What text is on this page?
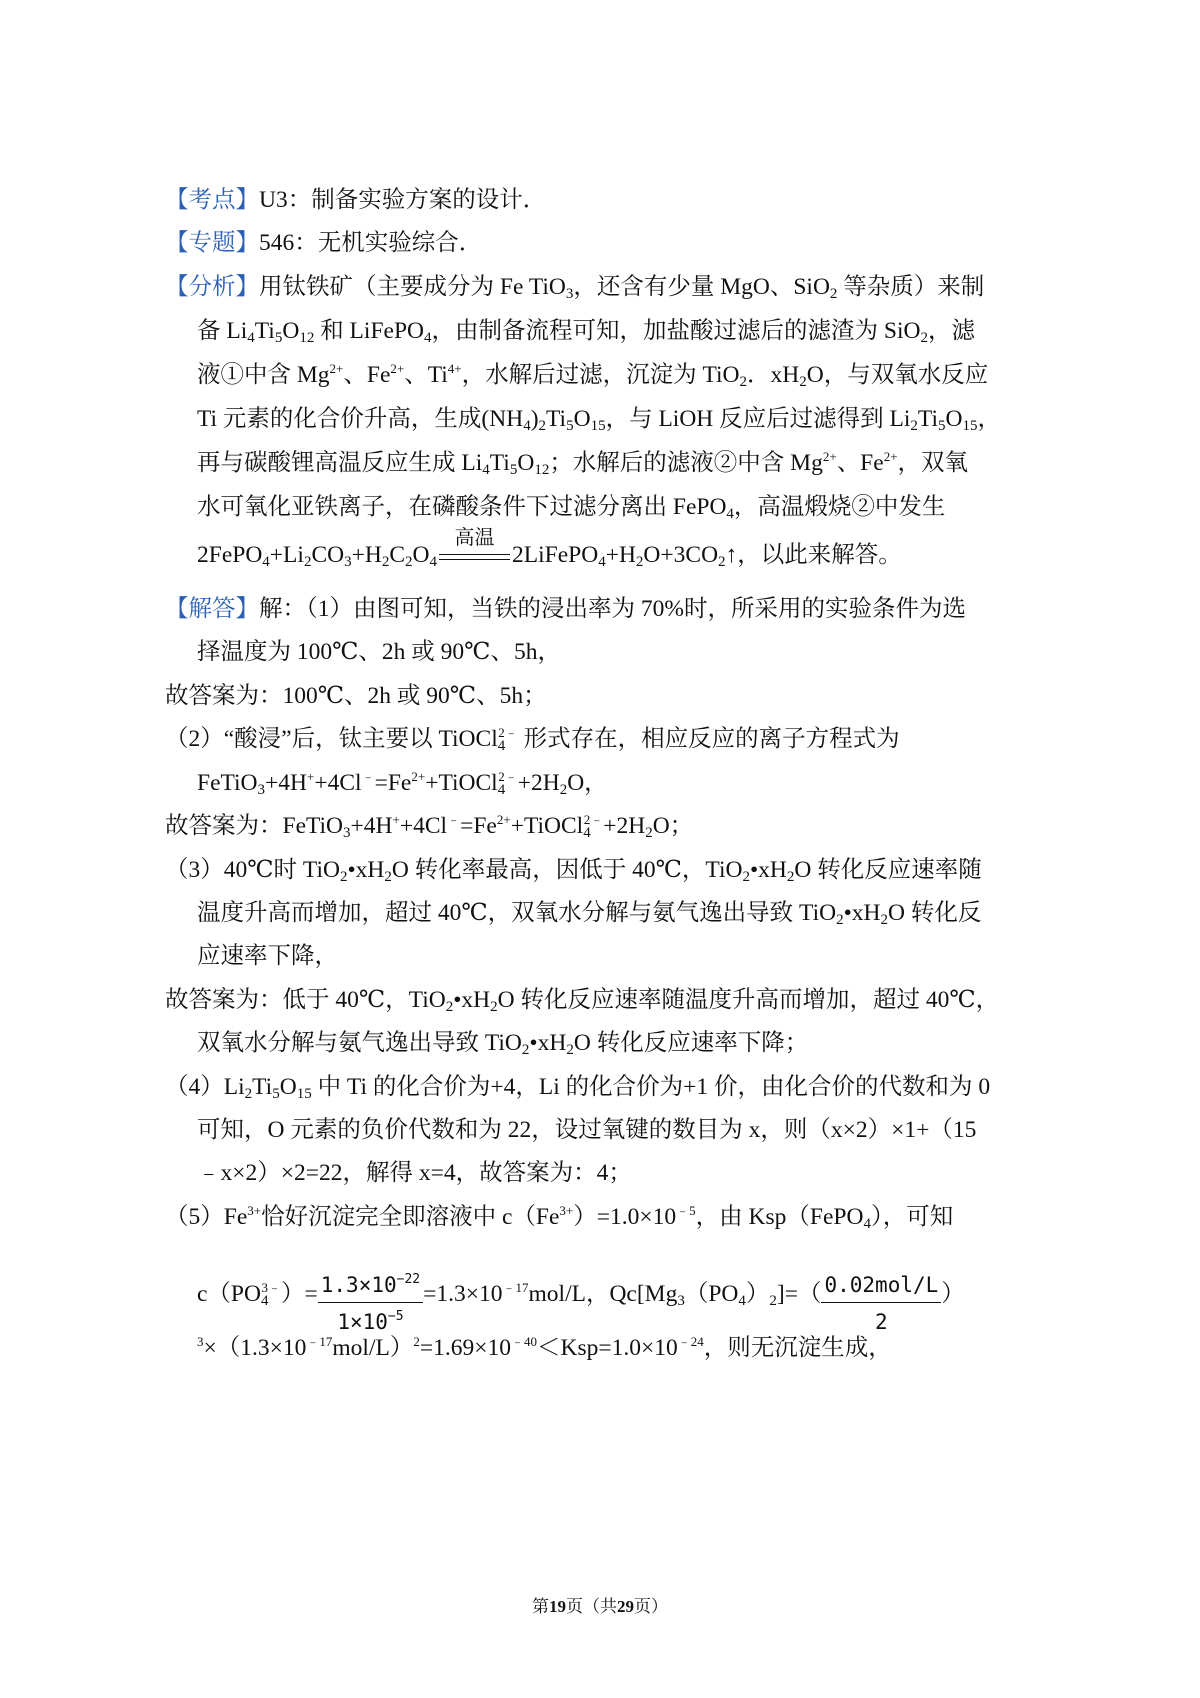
【考点】U3：制备实验方案的设计．
【专题】546：无机实验综合．
【分析】用钛铁矿（主要成分为 Fe TiO$_3$，还含有少量 MgO、SiO$_2$ 等杂质）来制
备 $Li_4Ti_5O_{12}$ 和 LiFePO$_4$，由制备流程可知，加盐酸过滤后的滤渣为 SiO$_2$，滤
液①中含 $Mg^{2+}$、$Fe^{2+}$、$Ti^{4+}$，水解后过滤，沉淀为 TiO$_2$．$xH_2O$，与双氧水反应
Ti 元素的化合价升高，生成$(NH_4)_2Ti_5O_{15}$，与 LiOH 反应后过滤得到 $Li_2Ti_5O_{15}$，
再与碳酸锂高温反应生成 $Li_4Ti_5O_{12}$；水解后的滤液②中含 $Mg^{2+}$、$Fe^{2+}$，双氧
水可氧化亚铁离子，在磷酸条件下过滤分离出 FePO$_4$，高温煅烧②中发生
$2FePO_4+Li_2CO_3+H_2C_2O_4$
高温
$2LiFePO_4+H_2O+3CO_2↑$，以此来解答。
【解答】解：（1）由图可知，当铁的浸出率为 70%时，所采用的实验条件为选
择温度为 100℃、2h 或 90℃、5h，
故答案为：100℃、2h 或 90℃、5h；
（2）“酸浸”后，钛主要以 TiOCl$_4^{2﹣}$ 形式存在，相应反应的离子方程式为
$FeTiO_3+4H^++4Cl^﹣=Fe^{2+}+TiOCl_4^{2﹣}+2H_2O$，
故答案为：$FeTiO_3+4H^++4Cl^﹣=Fe^{2+}+TiOCl_4^{2﹣}+2H_2O$；
（3）40℃时 $TiO_2•xH_2O$ 转化率最高，因低于 40℃，$TiO_2•xH_2O$ 转化反应速率随
温度升高而增加，超过 40℃，双氧水分解与氨气逸出导致 $TiO_2•xH_2O$ 转化反
应速率下降，
故答案为：低于 40℃，$TiO_2•xH_2O$ 转化反应速率随温度升高而增加，超过 40℃，
双氧水分解与氨气逸出导致 $TiO_2•xH_2O$ 转化反应速率下降；
$(4)Li_2Ti_5O_{15}$ 中 Ti 的化合价为+4，Li 的化合价为+1 价，由化合价的代数和为 0
可知，O 元素的负价代数和为 22，设过氧键的数目为 x，则（x×2）×1+（15
﹣x×2）×2=22，解得 x=4，故答案为：4；
$(5)Fe^{3+}$恰好沉淀完全即溶液中 $c(Fe^{3+})=1.0\times 10^{﹣5}$，由 Ksp（FePO$_4$），可知
$c(PO_4^{3﹣})= \frac{1.3\times 10^{-22}}{1\times 10^{-5}} =1.3\times 10^{﹣17}mol/L$，$Qc[Mg_3(PO_4)_2]=( \frac{\text{0.02mol/L}}{2}$ ）
$^3\times(1.3\times 10^{﹣17}mol/L)^2=1.69\times 10^{﹣40}<Ksp=1.0\times 10^{﹣24}$，则无沉淀生成，
第19页（共29页）
